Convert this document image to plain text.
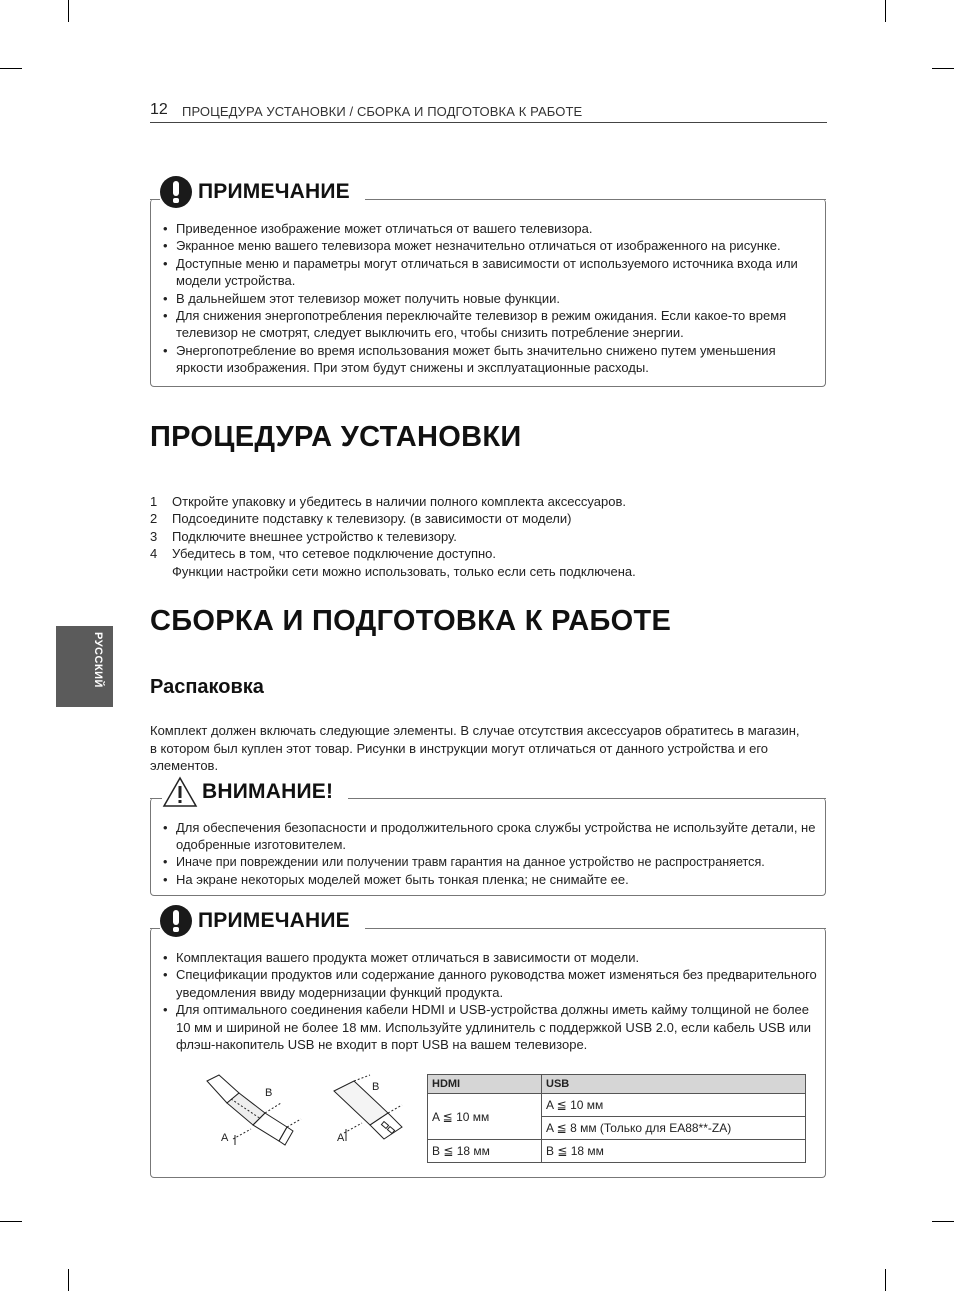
12 ПРОЦЕДУРА УСТАНОВКИ / СБОРКА И ПОДГОТОВКА К РАБОТЕ
РУССКИЙ
ПРИМЕЧАНИЕ
• Приведенное изображение может отличаться от вашего телевизора.
• Экранное меню вашего телевизора может незначительно отличаться от изображенного на рисунке.
• Доступные меню и параметры могут отличаться в зависимости от используемого источника входа или модели устройства.
• В дальнейшем этот телевизор может получить новые функции.
• Для снижения энергопотребления переключайте телевизор в режим ожидания. Если какое-то время телевизор не смотрят, следует выключить его, чтобы снизить потребление энергии.
• Энергопотребление во время использования может быть значительно снижено путем уменьшения яркости изображения. При этом будут снижены и эксплуатационные расходы.
ПРОЦЕДУРА УСТАНОВКИ
1 Откройте упаковку и убедитесь в наличии полного комплекта аксессуаров.
2 Подсоедините подставку к телевизору. (в зависимости от модели)
3 Подключите внешнее устройство к телевизору.
4 Убедитесь в том, что сетевое подключение доступно.
Функции настройки сети можно использовать, только если сеть подключена.
СБОРКА И ПОДГОТОВКА К РАБОТЕ
Распаковка
Комплект должен включать следующие элементы. В случае отсутствия аксессуаров обратитесь в магазин, в котором был куплен этот товар. Рисунки в инструкции могут отличаться от данного устройства и его элементов.
ВНИМАНИЕ!
• Для обеспечения безопасности и продолжительного срока службы устройства не используйте детали, не одобренные изготовителем.
• Иначе при повреждении или получении травм гарантия на данное устройство не распространяется.
• На экране некоторых моделей может быть тонкая пленка; не снимайте ее.
ПРИМЕЧАНИЕ
• Комплектация вашего продукта может отличаться в зависимости от модели.
• Спецификации продуктов или содержание данного руководства может изменяться без предварительного уведомления ввиду модернизации функций продукта.
• Для оптимального соединения кабели HDMI и USB-устройства должны иметь кайму толщиной не более 10 мм и шириной не более 18 мм. Используйте удлинитель с поддержкой USB 2.0, если кабель USB или флэш-накопитель USB не входит в порт USB на вашем телевизоре.
B
A
B
A
HDMI	USB
A ≦ 10 мм	A ≦ 10 мм
	A ≦ 8 мм (Только для EA88**-ZA)
B ≦ 18 мм	B ≦ 18 мм
